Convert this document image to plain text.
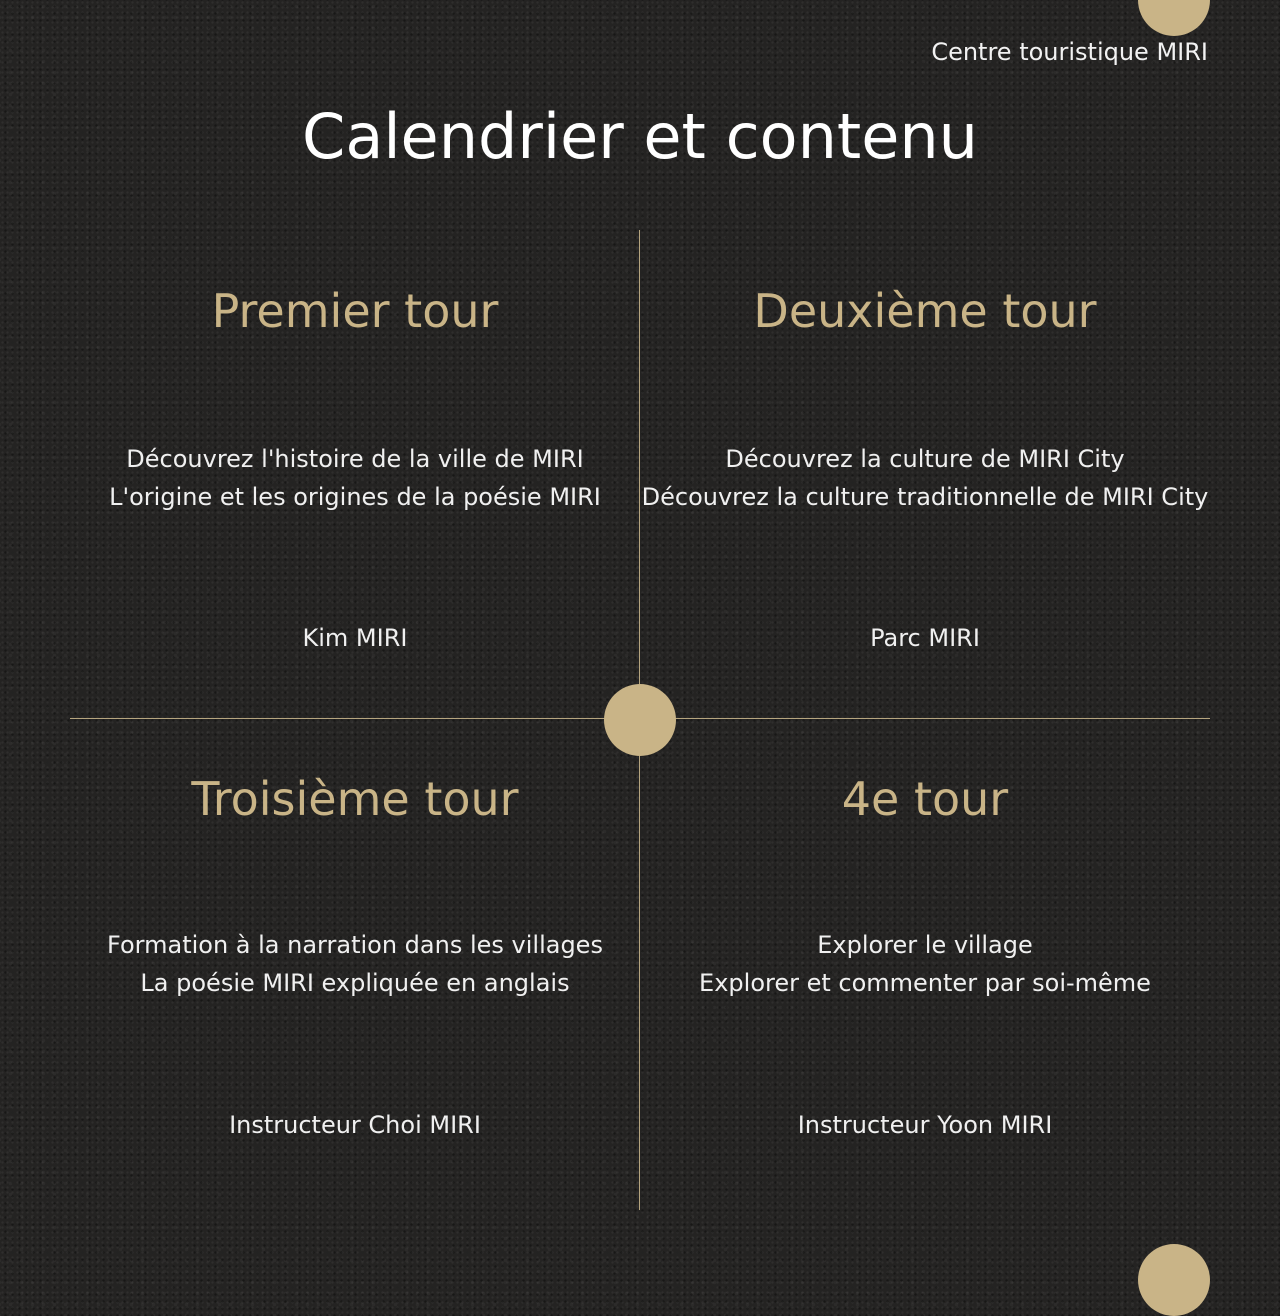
Centre touristique MIRI
Calendrier et contenu
Premier tour
Découvrez l'histoire de la ville de MIRI
L'origine et les origines de la poésie MIRI
Kim MIRI
Deuxième tour
Découvrez la culture de MIRI City
Découvrez la culture traditionnelle de MIRI City
Parc MIRI
Troisième tour
Formation à la narration dans les villages
La poésie MIRI expliquée en anglais
Instructeur Choi MIRI
4e tour
Explorer le village
Explorer et commenter par soi-même
Instructeur Yoon MIRI
